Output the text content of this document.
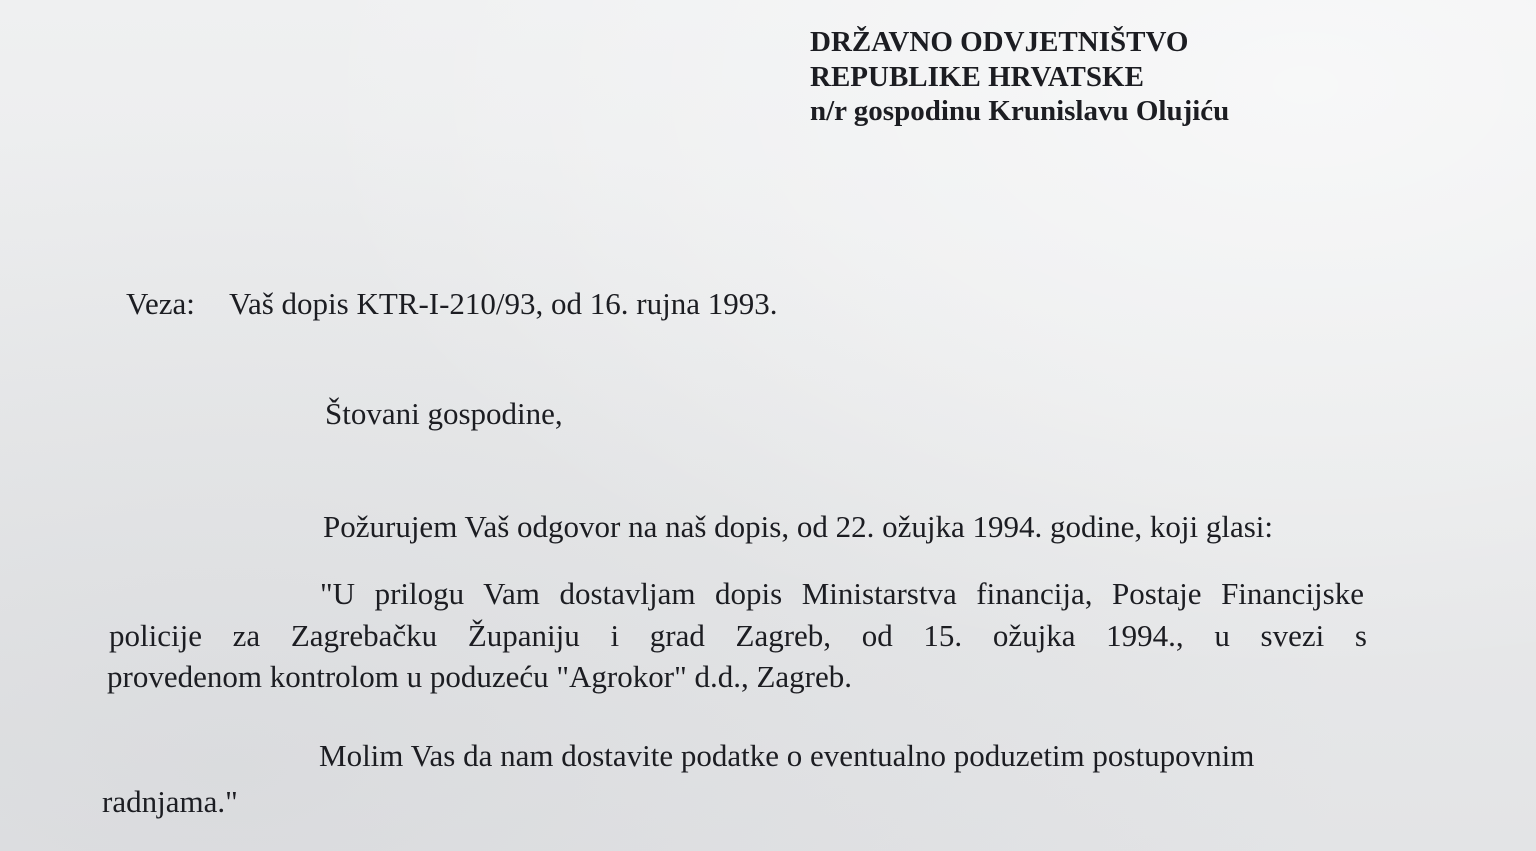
DRŽAVNO ODVJETNIŠTVO
REPUBLIKE HRVATSKE
n/r gospodinu Krunislavu Olujiću
Veza: Vaš dopis KTR-I-210/93, od 16. rujna 1993.
Štovani gospodine,
Požurujem Vaš odgovor na naš dopis, od 22. ožujka 1994. godine, koji glasi:
"U prilogu Vam dostavljam dopis Ministarstva financija, Postaje Financijske
policije za Zagrebačku Županiju i grad Zagreb, od 15. ožujka 1994., u svezi s
provedenom kontrolom u poduzeću "Agrokor" d.d., Zagreb.
Molim Vas da nam dostavite podatke o eventualno poduzetim postupovnim
radnjama."
